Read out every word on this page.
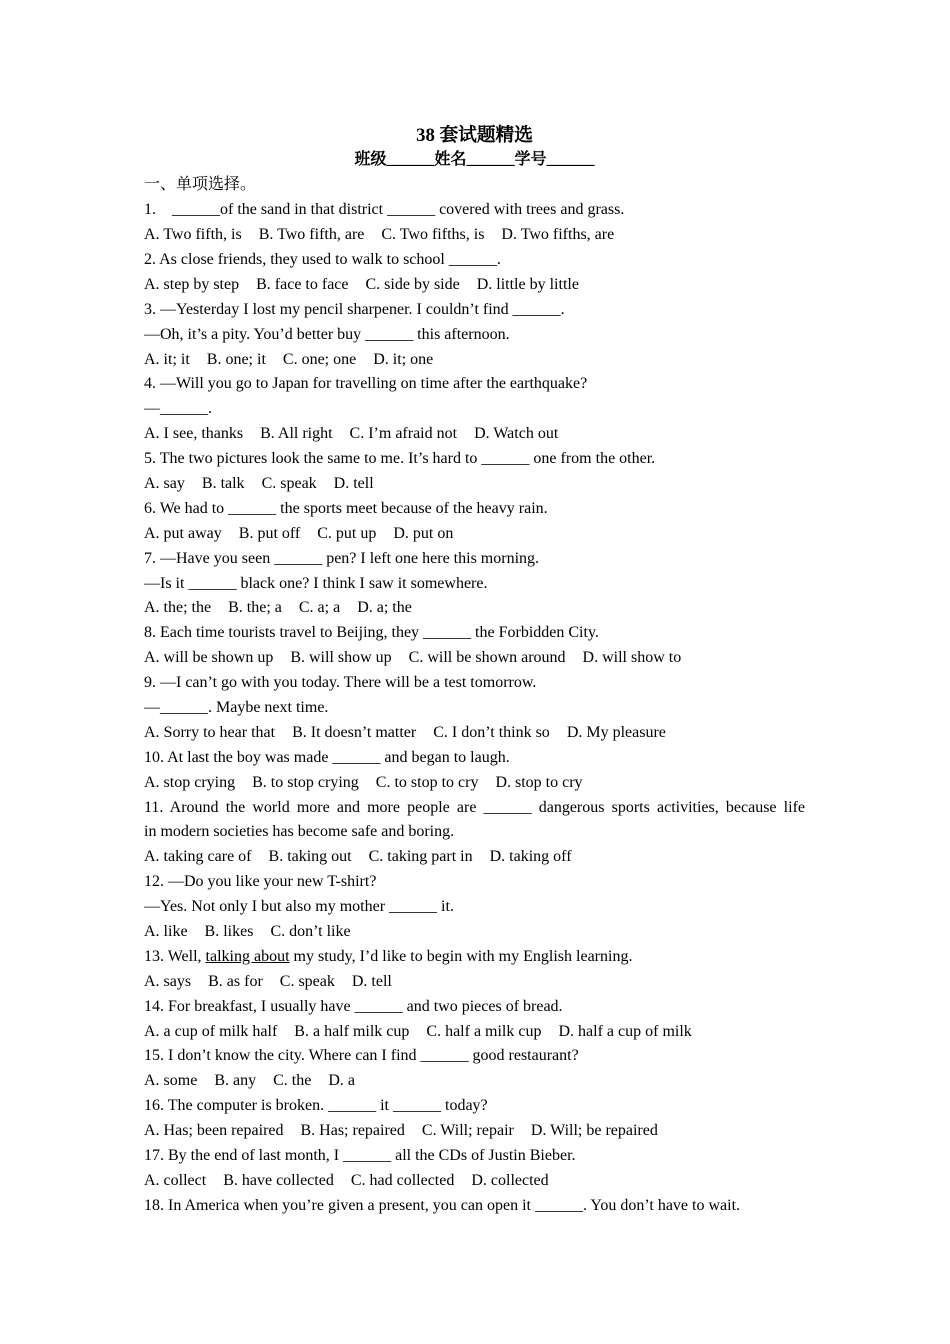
38 套试题精选
班级______姓名______学号______
一、单项选择。
1.    ______of the sand in that district ______ covered with trees and grass.
A. Two fifth, is B. Two fifth, are C. Two fifths, is D. Two fifths, are
2. As close friends, they used to walk to school ______.
A. step by step B. face to face C. side by side D. little by little
3. —Yesterday I lost my pencil sharpener. I couldn’t find ______.
—Oh, it’s a pity. You’d better buy ______ this afternoon.
A. it; it B. one; it C. one; one D. it; one
4. —Will you go to Japan for travelling on time after the earthquake?
—______.
A. I see, thanks B. All right C. I’m afraid not D. Watch out
5. The two pictures look the same to me. It’s hard to ______ one from the other.
A. say B. talk C. speak D. tell
6. We had to ______ the sports meet because of the heavy rain.
A. put away B. put off C. put up D. put on
7. —Have you seen ______ pen? I left one here this morning.
—Is it ______ black one? I think I saw it somewhere.
A. the; the B. the; a C. a; a D. a; the
8. Each time tourists travel to Beijing, they ______ the Forbidden City.
A. will be shown up B. will show up C. will be shown around D. will show to
9. —I can’t go with you today. There will be a test tomorrow.
—______. Maybe next time.
A. Sorry to hear that B. It doesn’t matter C. I don’t think so D. My pleasure
10. At last the boy was made ______ and began to laugh.
A. stop crying B. to stop crying C. to stop to cry D. stop to cry
11. Around the world more and more people are ______ dangerous sports activities, because life
in modern societies has become safe and boring.
A. taking care of B. taking out C. taking part in D. taking off
12. —Do you like your new T-shirt?
—Yes. Not only I but also my mother ______ it.
A. like B. likes C. don’t like
13. Well, talking about my study, I’d like to begin with my English learning.
A. says B. as for C. speak D. tell
14. For breakfast, I usually have ______ and two pieces of bread.
A. a cup of milk half B. a half milk cup C. half a milk cup D. half a cup of milk
15. I don’t know the city. Where can I find ______ good restaurant?
A. some B. any C. the D. a
16. The computer is broken. ______ it ______ today?
A. Has; been repaired B. Has; repaired C. Will; repair D. Will; be repaired
17. By the end of last month, I ______ all the CDs of Justin Bieber.
A. collect B. have collected C. had collected D. collected
18. In America when you’re given a present, you can open it ______. You don’t have to wait.
